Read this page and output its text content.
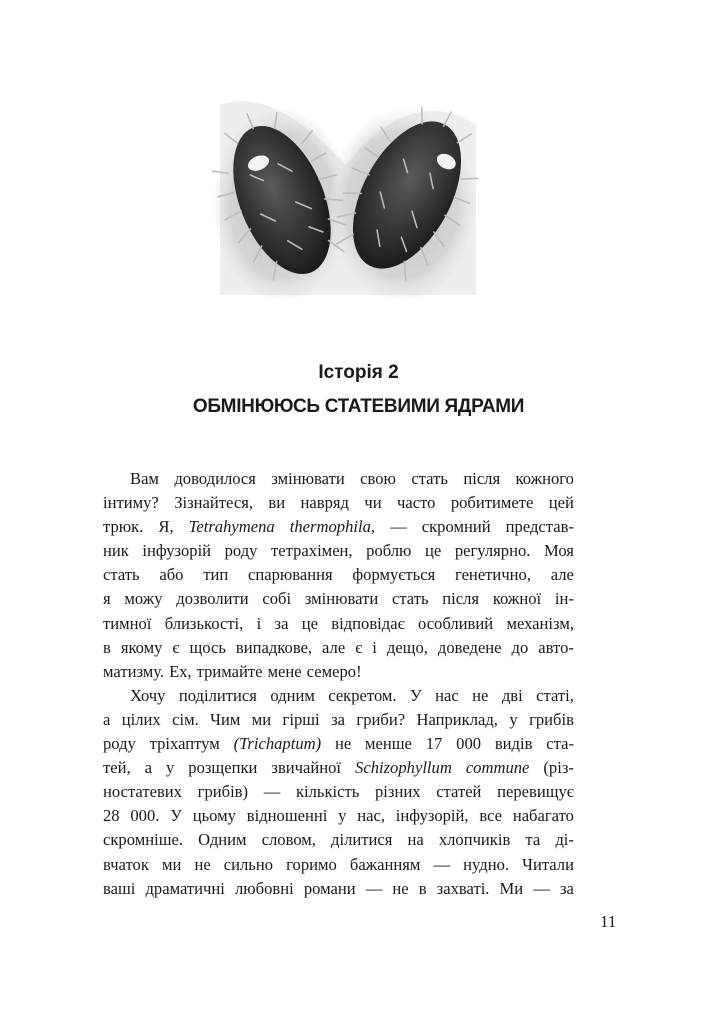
Історія 2
ОБМІНЮЮСЬ СТАТЕВИМИ ЯДРАМИ
Вам доводилося змінювати свою стать після кожного
інтиму? Зізнайтеся, ви навряд чи часто робитимете цей
трюк. Я, Tetrahymena thermophila, — скромний представ-
ник інфузорій роду тетрахімен, роблю це регулярно. Моя
стать або тип спарювання формується генетично, але
я можу дозволити собі змінювати стать після кожної ін-
тимної близькості, і за це відповідає особливий механізм,
в якому є щось випадкове, але є і дещо, доведене до авто-
матизму. Ех, тримайте мене семеро!
Хочу поділитися одним секретом. У нас не дві статі,
а цілих сім. Чим ми гірші за гриби? Наприклад, у грибів
роду тріхаптум (Trichaptum) не менше 17 000 видів ста-
тей, а у розщепки звичайної Schizophyllum commune (різ-
ностатевих грибів) — кількість різних статей перевищує
28 000. У цьому відношенні у нас, інфузорій, все набагато
скромніше. Одним словом, ділитися на хлопчиків та ді-
вчаток ми не сильно горимо бажанням — нудно. Читали
ваші драматичні любовні романи — не в захваті. Ми — за
11
